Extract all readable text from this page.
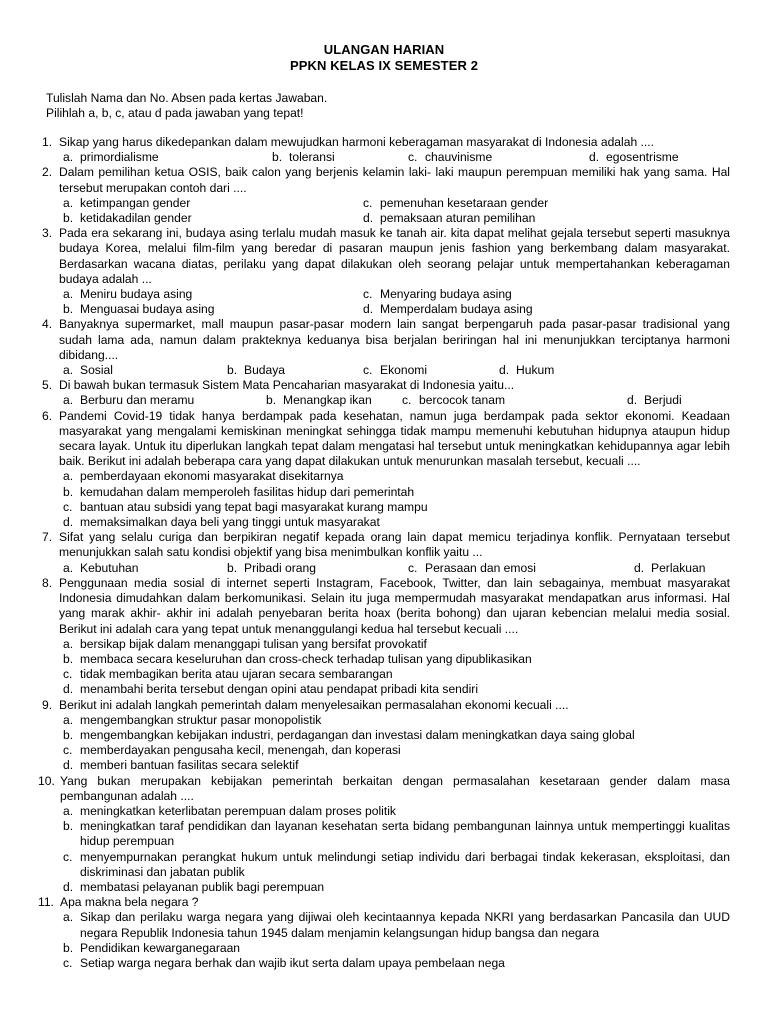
ULANGAN HARIAN
PPKN KELAS IX SEMESTER 2
Tulislah Nama dan No. Absen pada kertas Jawaban.
Pilihlah a, b, c, atau d pada jawaban yang tepat!
1. Sikap yang harus dikedepankan dalam mewujudkan harmoni keberagaman masyarakat di Indonesia adalah ....
a. primordialisme	b. toleransi	c. chauvinisme	d. egosentrisme
2. Dalam pemilihan ketua OSIS, baik calon yang berjenis kelamin laki- laki maupun perempuan memiliki hak yang sama. Hal tersebut merupakan contoh dari ....
a. ketimpangan gender	c. pemenuhan kesetaraan gender
b. ketidakadilan gender	d. pemaksaan aturan pemilihan
3. Pada era sekarang ini, budaya asing terlalu mudah masuk ke tanah air. kita dapat melihat gejala tersebut seperti masuknya budaya Korea, melalui film-film yang beredar di pasaran maupun jenis fashion yang berkembang dalam masyarakat. Berdasarkan wacana diatas, perilaku yang dapat dilakukan oleh seorang pelajar untuk mempertahankan keberagaman budaya adalah ...
a. Meniru budaya asing	c. Menyaring budaya asing
b. Menguasai budaya asing	d. Memperdalam budaya asing
4. Banyaknya supermarket, mall maupun pasar-pasar modern lain sangat berpengaruh pada pasar-pasar tradisional yang sudah lama ada, namun dalam prakteknya keduanya bisa berjalan beriringan hal ini menunjukkan terciptanya harmoni dibidang....
a. Sosial	b. Budaya	c. Ekonomi	d. Hukum
5. Di bawah bukan termasuk Sistem Mata Pencaharian masyarakat di Indonesia yaitu...
a. Berburu dan meramu	b. Menangkap ikan	c. bercocok tanam	d. Berjudi
6. Pandemi Covid-19 tidak hanya berdampak pada kesehatan, namun juga berdampak pada sektor ekonomi. Keadaan masyarakat yang mengalami kemiskinan meningkat sehingga tidak mampu memenuhi kebutuhan hidupnya ataupun hidup secara layak. Untuk itu diperlukan langkah tepat dalam mengatasi hal tersebut untuk meningkatkan kehidupannya agar lebih baik. Berikut ini adalah beberapa cara yang dapat dilakukan untuk menurunkan masalah tersebut, kecuali ....
a. pemberdayaan ekonomi masyarakat disekitarnya
b. kemudahan dalam memperoleh fasilitas hidup dari pemerintah
c. bantuan atau subsidi yang tepat bagi masyarakat kurang mampu
d. memaksimalkan daya beli yang tinggi untuk masyarakat
7. Sifat yang selalu curiga dan berpikiran negatif kepada orang lain dapat memicu terjadinya konflik. Pernyataan tersebut menunjukkan salah satu kondisi objektif yang bisa menimbulkan konflik yaitu ...
a. Kebutuhan	b. Pribadi orang	c. Perasaan dan emosi	d. Perlakuan
8. Penggunaan media sosial di internet seperti Instagram, Facebook, Twitter, dan lain sebagainya, membuat masyarakat Indonesia dimudahkan dalam berkomunikasi. Selain itu juga mempermudah masyarakat mendapatkan arus informasi. Hal yang marak akhir- akhir ini adalah penyebaran berita hoax (berita bohong) dan ujaran kebencian melalui media sosial. Berikut ini adalah cara yang tepat untuk menanggulangi kedua hal tersebut kecuali ....
a. bersikap bijak dalam menanggapi tulisan yang bersifat provokatif
b. membaca secara keseluruhan dan cross-check terhadap tulisan yang dipublikasikan
c. tidak membagikan berita atau ujaran secara sembarangan
d. menambahi berita tersebut dengan opini atau pendapat pribadi kita sendiri
9. Berikut ini adalah langkah pemerintah dalam menyelesaikan permasalahan ekonomi kecuali ....
a. mengembangkan struktur pasar monopolistik
b. mengembangkan kebijakan industri, perdagangan dan investasi dalam meningkatkan daya saing global
c. memberdayakan pengusaha kecil, menengah, dan koperasi
d. memberi bantuan fasilitas secara selektif
10. Yang bukan merupakan kebijakan pemerintah berkaitan dengan permasalahan kesetaraan gender dalam masa pembangunan adalah ....
a. meningkatkan keterlibatan perempuan dalam proses politik
b. meningkatkan taraf pendidikan dan layanan kesehatan serta bidang pembangunan lainnya untuk mempertinggi kualitas hidup perempuan
c. menyempurnakan perangkat hukum untuk melindungi setiap individu dari berbagai tindak kekerasan, eksploitasi, dan diskriminasi dan jabatan publik
d. membatasi pelayanan publik bagi perempuan
11. Apa makna bela negara ?
a. Sikap dan perilaku warga negara yang dijiwai oleh kecintaannya kepada NKRI yang berdasarkan Pancasila dan UUD negara Republik Indonesia tahun 1945 dalam menjamin kelangsungan hidup bangsa dan negara
b. Pendidikan kewarganegaraan
c. Setiap warga negara berhak dan wajib ikut serta dalam upaya pembelaan nega
